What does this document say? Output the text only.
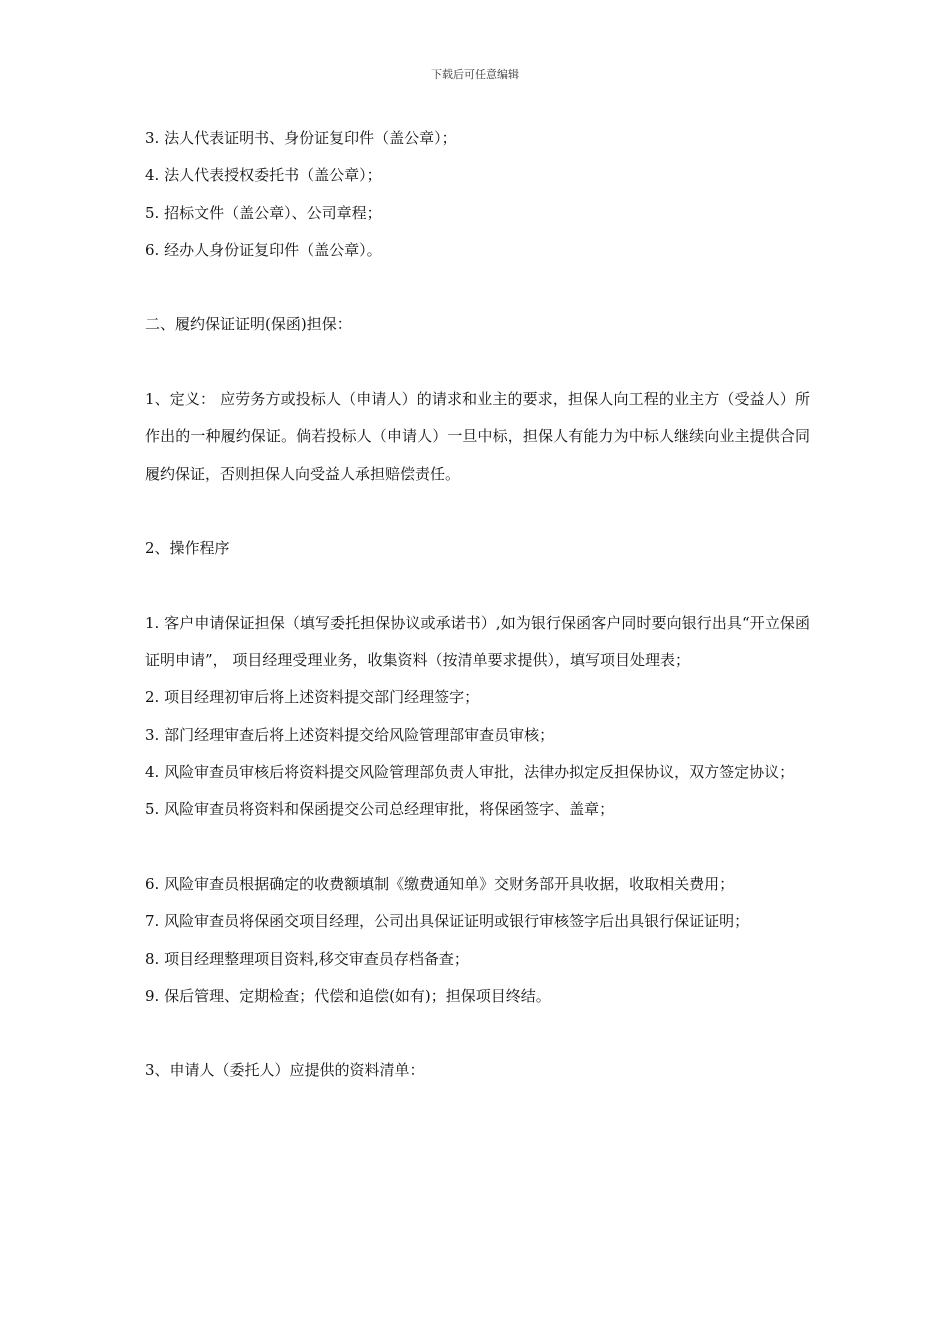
下载后可任意编辑

3. 法人代表证明书、身份证复印件（盖公章）；

4. 法人代表授权委托书（盖公章）；

5. 招标文件（盖公章）、公司章程；

6. 经办人身份证复印件（盖公章）。

二、履约保证证明(保函)担保：

1、定义： 应劳务方或投标人（申请人）的请求和业主的要求，担保人向工程的业主方（受益人）所作出的一种履约保证。倘若投标人（申请人）一旦中标，担保人有能力为中标人继续向业主提供合同履约保证，否则担保人向受益人承担赔偿责任。

2、操作程序

1. 客户申请保证担保（填写委托担保协议或承诺书）,如为银行保函客户同时要向银行出具“开立保函证明申请”， 项目经理受理业务，收集资料（按清单要求提供），填写项目处理表；

2. 项目经理初审后将上述资料提交部门经理签字；

3. 部门经理审查后将上述资料提交给风险管理部审查员审核；

4. 风险审查员审核后将资料提交风险管理部负责人审批，法律办拟定反担保协议，双方签定协议；

5. 风险审查员将资料和保函提交公司总经理审批，将保函签字、盖章；

6. 风险审查员根据确定的收费额填制《缴费通知单》交财务部开具收据，收取相关费用；

7. 风险审查员将保函交项目经理，公司出具保证证明或银行审核签字后出具银行保证证明；

8. 项目经理整理项目资料,移交审查员存档备查；

9. 保后管理、定期检查；代偿和追偿(如有)；担保项目终结。

3、申请人（委托人）应提供的资料清单：
